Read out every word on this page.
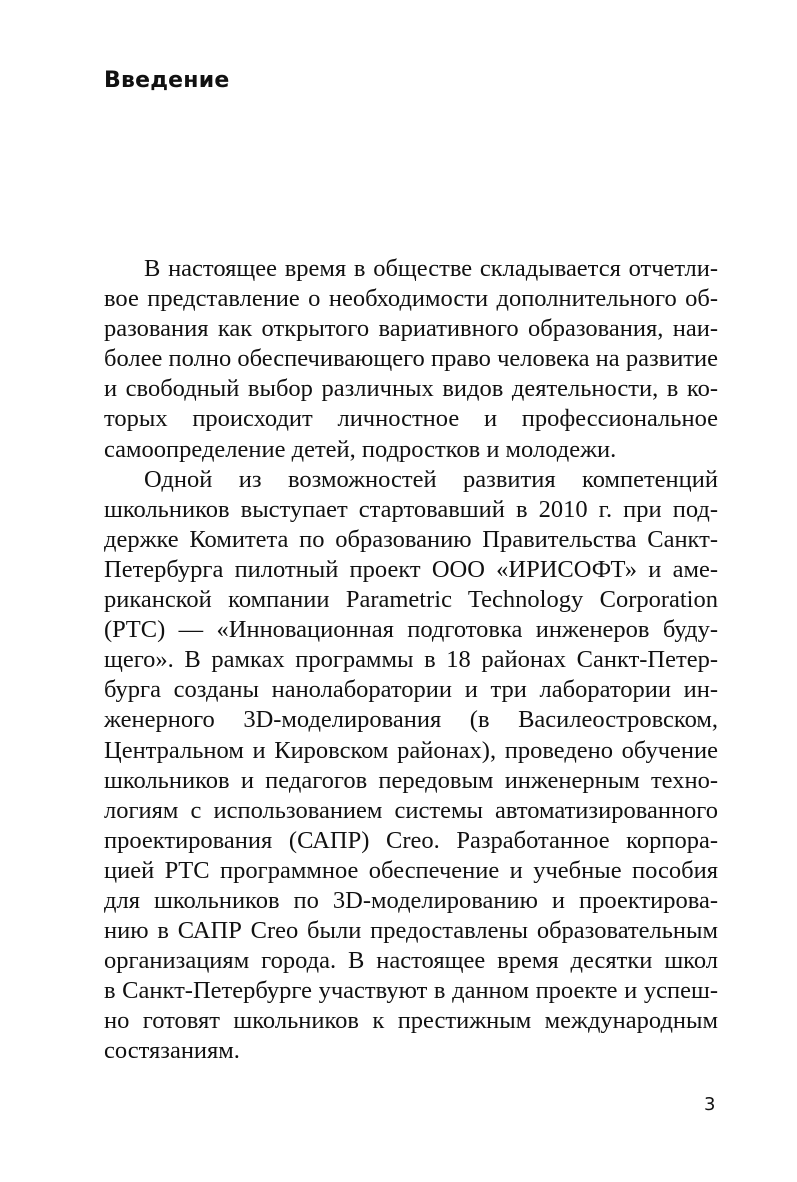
Введение

В настоящее время в обществе складывается отчетли-
вое представление о необходимости дополнительного об-
разования как открытого вариативного образования, наи-
более полно обеспечивающего право человека на развитие
и свободный выбор различных видов деятельности, в ко-
торых происходит личностное и профессиональное
самоопределение детей, подростков и молодежи.

Одной из возможностей развития компетенций
школьников выступает стартовавший в 2010 г. при под-
держке Комитета по образованию Правительства Санкт-
Петербурга пилотный проект ООО «ИРИСОФТ» и аме-
риканской компании Parametric Technology Corporation
(PTC) — «Инновационная подготовка инженеров буду-
щего». В рамках программы в 18 районах Санкт-Петер-
бурга созданы нанолаборатории и три лаборатории ин-
женерного 3D-моделирования (в Василеостровском,
Центральном и Кировском районах), проведено обучение
школьников и педагогов передовым инженерным техно-
логиям с использованием системы автоматизированного
проектирования (САПР) Creo. Разработанное корпора-
цией PTC программное обеспечение и учебные пособия
для школьников по 3D-моделированию и проектирова-
нию в САПР Creo были предоставлены образовательным
организациям города. В настоящее время десятки школ
в Санкт-Петербурге участвуют в данном проекте и успеш-
но готовят школьников к престижным международным
состязаниям.

3
